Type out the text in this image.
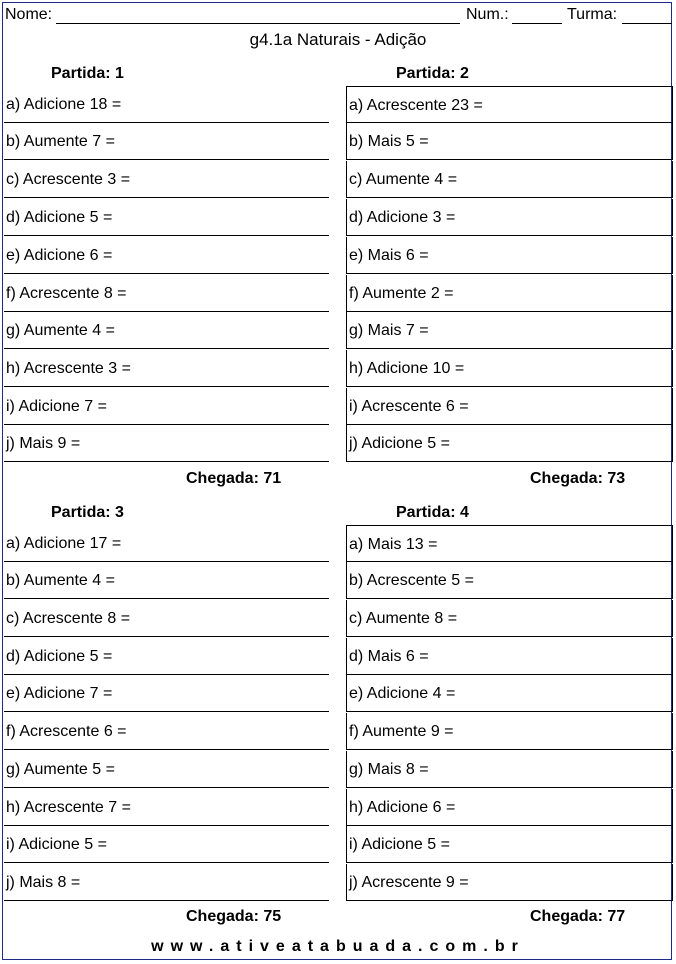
Nome:	Num.:	Turma:
g4.1a Naturais - Adição
Partida: 1
a) Adicione 18 =
b) Aumente 7 =
c) Acrescente 3 =
d) Adicione 5 =
e) Adicione 6 =
f) Acrescente 8 =
g) Aumente 4 =
h) Acrescente 3 =
i) Adicione 7 =
j) Mais 9 =
Chegada: 71
Partida: 2
a) Acrescente 23 =
b) Mais 5 =
c) Aumente 4 =
d) Adicione 3 =
e) Mais 6 =
f) Aumente 2 =
g) Mais 7 =
h) Adicione 10 =
i) Acrescente 6 =
j) Adicione 5 =
Chegada: 73
Partida: 3
a) Adicione 17 =
b) Aumente 4 =
c) Acrescente 8 =
d) Adicione 5 =
e) Adicione 7 =
f) Acrescente 6 =
g) Aumente 5 =
h) Acrescente 7 =
i) Adicione 5 =
j) Mais 8 =
Chegada: 75
Partida: 4
a) Mais 13 =
b) Acrescente 5 =
c) Aumente 8 =
d) Mais 6 =
e) Adicione 4 =
f) Aumente 9 =
g) Mais 8 =
h) Adicione 6 =
i) Adicione 5 =
j) Acrescente 9 =
Chegada: 77
www.ativeatabuada.com.br
